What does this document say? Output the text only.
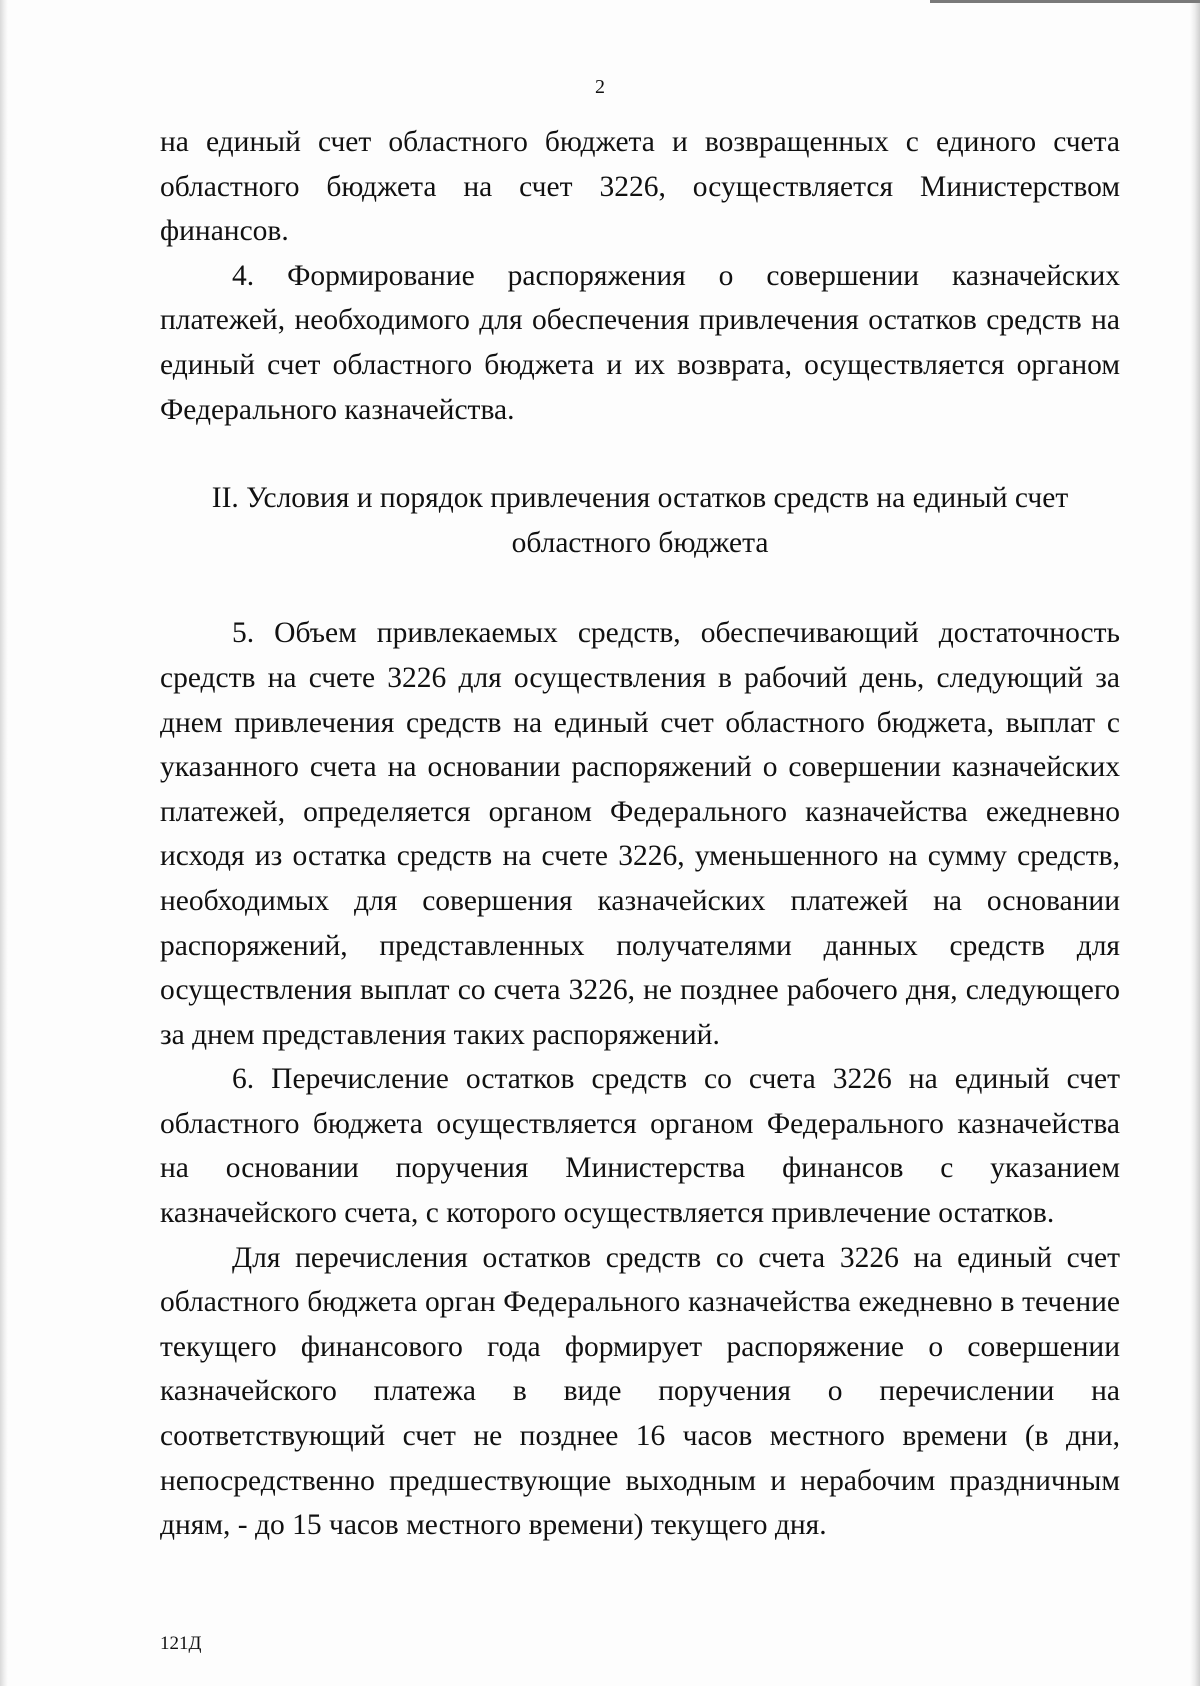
2

на единый счет областного бюджета и возвращенных с единого счета областного бюджета на счет 3226, осуществляется Министерством финансов.

4. Формирование распоряжения о совершении казначейских платежей, необходимого для обеспечения привлечения остатков средств на единый счет областного бюджета и их возврата, осуществляется органом Федерального казначейства.

II. Условия и порядок привлечения остатков средств на единый счет областного бюджета

5. Объем привлекаемых средств, обеспечивающий достаточность средств на счете 3226 для осуществления в рабочий день, следующий за днем привлечения средств на единый счет областного бюджета, выплат с указанного счета на основании распоряжений о совершении казначейских платежей, определяется органом Федерального казначейства ежедневно исходя из остатка средств на счете 3226, уменьшенного на сумму средств, необходимых для совершения казначейских платежей на основании распоряжений, представленных получателями данных средств для осуществления выплат со счета 3226, не позднее рабочего дня, следующего за днем представления таких распоряжений.

6. Перечисление остатков средств со счета 3226 на единый счет областного бюджета осуществляется органом Федерального казначейства на основании поручения Министерства финансов с указанием казначейского счета, с которого осуществляется привлечение остатков.

Для перечисления остатков средств со счета 3226 на единый счет областного бюджета орган Федерального казначейства ежедневно в течение текущего финансового года формирует распоряжение о совершении казначейского платежа в виде поручения о перечислении на соответствующий счет не позднее 16 часов местного времени (в дни, непосредственно предшествующие выходным и нерабочим праздничным дням, - до 15 часов местного времени) текущего дня.

121Д
